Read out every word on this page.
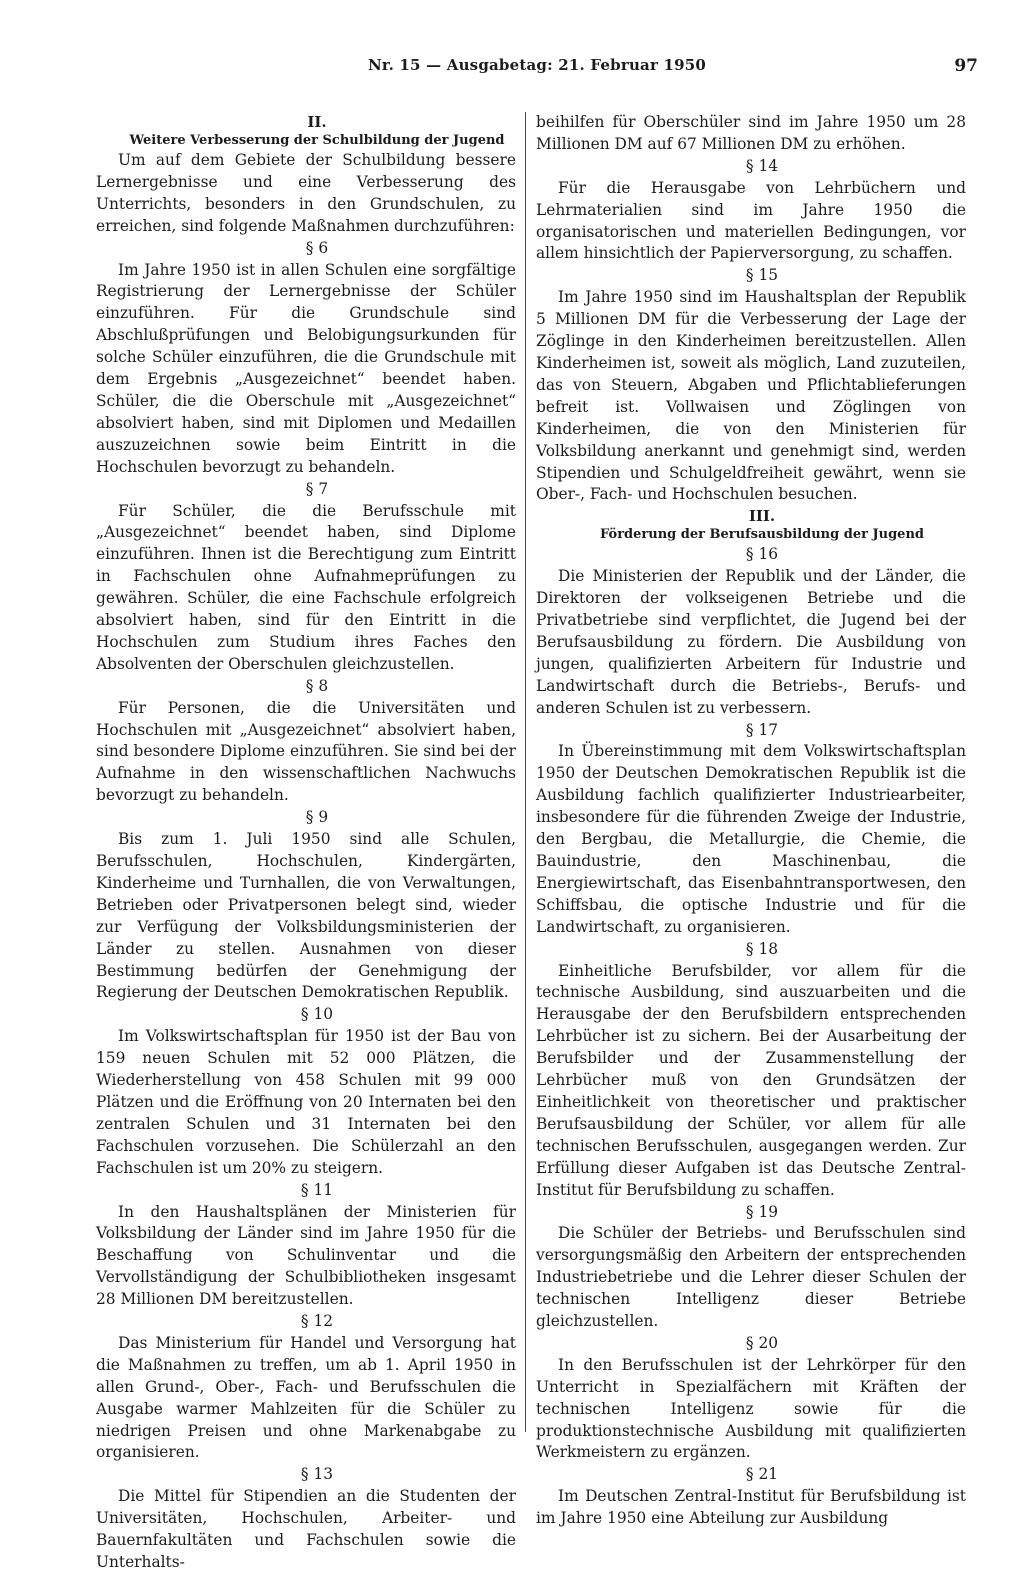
Nr. 15 — Ausgabetag: 21. Februar 1950	97

II.

Weitere Verbesserung der Schulbildung der Jugend

Um auf dem Gebiete der Schulbildung bessere Lernergebnisse und eine Verbesserung des Unterrichts, besonders in den Grundschulen, zu erreichen, sind folgende Maßnahmen durchzuführen:

§ 6

Im Jahre 1950 ist in allen Schulen eine sorgfältige Registrierung der Lernergebnisse der Schüler einzuführen. Für die Grundschule sind Abschlußprüfungen und Belobigungsurkunden für solche Schüler einzuführen, die die Grundschule mit dem Ergebnis „Ausgezeichnet“ beendet haben. Schüler, die die Oberschule mit „Ausgezeichnet“ absolviert haben, sind mit Diplomen und Medaillen auszuzeichnen sowie beim Eintritt in die Hochschulen bevorzugt zu behandeln.

§ 7

Für Schüler, die die Berufsschule mit „Ausgezeichnet“ beendet haben, sind Diplome einzuführen. Ihnen ist die Berechtigung zum Eintritt in Fachschulen ohne Aufnahmeprüfungen zu gewähren. Schüler, die eine Fachschule erfolgreich absolviert haben, sind für den Eintritt in die Hochschulen zum Studium ihres Faches den Absolventen der Oberschulen gleichzustellen.

§ 8

Für Personen, die die Universitäten und Hochschulen mit „Ausgezeichnet“ absolviert haben, sind besondere Diplome einzuführen. Sie sind bei der Aufnahme in den wissenschaftlichen Nachwuchs bevorzugt zu behandeln.

§ 9

Bis zum 1. Juli 1950 sind alle Schulen, Berufsschulen, Hochschulen, Kindergärten, Kinderheime und Turnhallen, die von Verwaltungen, Betrieben oder Privatpersonen belegt sind, wieder zur Verfügung der Volksbildungsministerien der Länder zu stellen. Ausnahmen von dieser Bestimmung bedürfen der Genehmigung der Regierung der Deutschen Demokratischen Republik.

§ 10

Im Volkswirtschaftsplan für 1950 ist der Bau von 159 neuen Schulen mit 52 000 Plätzen, die Wiederherstellung von 458 Schulen mit 99 000 Plätzen und die Eröffnung von 20 Internaten bei den zentralen Schulen und 31 Internaten bei den Fachschulen vorzusehen. Die Schülerzahl an den Fachschulen ist um 20% zu steigern.

§ 11

In den Haushaltsplänen der Ministerien für Volksbildung der Länder sind im Jahre 1950 für die Beschaffung von Schulinventar und die Vervollständigung der Schulbibliotheken insgesamt 28 Millionen DM bereitzustellen.

§ 12

Das Ministerium für Handel und Versorgung hat die Maßnahmen zu treffen, um ab 1. April 1950 in allen Grund-, Ober-, Fach- und Berufsschulen die Ausgabe warmer Mahlzeiten für die Schüler zu niedrigen Preisen und ohne Markenabgabe zu organisieren.

§ 13

Die Mittel für Stipendien an die Studenten der Universitäten, Hochschulen, Arbeiter- und Bauernfakultäten und Fachschulen sowie die Unterhalts-

beihilfen für Oberschüler sind im Jahre 1950 um 28 Millionen DM auf 67 Millionen DM zu erhöhen.

§ 14

Für die Herausgabe von Lehrbüchern und Lehrmaterialien sind im Jahre 1950 die organisatorischen und materiellen Bedingungen, vor allem hinsichtlich der Papierversorgung, zu schaffen.

§ 15

Im Jahre 1950 sind im Haushaltsplan der Republik 5 Millionen DM für die Verbesserung der Lage der Zöglinge in den Kinderheimen bereitzustellen. Allen Kinderheimen ist, soweit als möglich, Land zuzuteilen, das von Steuern, Abgaben und Pflichtablieferungen befreit ist. Vollwaisen und Zöglingen von Kinderheimen, die von den Ministerien für Volksbildung anerkannt und genehmigt sind, werden Stipendien und Schulgeldfreiheit gewährt, wenn sie Ober-, Fach- und Hochschulen besuchen.

III.

Förderung der Berufsausbildung der Jugend

§ 16

Die Ministerien der Republik und der Länder, die Direktoren der volkseigenen Betriebe und die Privatbetriebe sind verpflichtet, die Jugend bei der Berufsausbildung zu fördern. Die Ausbildung von jungen, qualifizierten Arbeitern für Industrie und Landwirtschaft durch die Betriebs-, Berufs- und anderen Schulen ist zu verbessern.

§ 17

In Übereinstimmung mit dem Volkswirtschaftsplan 1950 der Deutschen Demokratischen Republik ist die Ausbildung fachlich qualifizierter Industriearbeiter, insbesondere für die führenden Zweige der Industrie, den Bergbau, die Metallurgie, die Chemie, die Bauindustrie, den Maschinenbau, die Energiewirtschaft, das Eisenbahntransportwesen, den Schiffsbau, die optische Industrie und für die Landwirtschaft, zu organisieren.

§ 18

Einheitliche Berufsbilder, vor allem für die technische Ausbildung, sind auszuarbeiten und die Herausgabe der den Berufsbildern entsprechenden Lehrbücher ist zu sichern. Bei der Ausarbeitung der Berufsbilder und der Zusammenstellung der Lehrbücher muß von den Grundsätzen der Einheitlichkeit von theoretischer und praktischer Berufsausbildung der Schüler, vor allem für alle technischen Berufsschulen, ausgegangen werden. Zur Erfüllung dieser Aufgaben ist das Deutsche Zentral-Institut für Berufsbildung zu schaffen.

§ 19

Die Schüler der Betriebs- und Berufsschulen sind versorgungsmäßig den Arbeitern der entsprechenden Industriebetriebe und die Lehrer dieser Schulen der technischen Intelligenz dieser Betriebe gleichzustellen.

§ 20

In den Berufsschulen ist der Lehrkörper für den Unterricht in Spezialfächern mit Kräften der technischen Intelligenz sowie für die produktionstechnische Ausbildung mit qualifizierten Werkmeistern zu ergänzen.

§ 21

Im Deutschen Zentral-Institut für Berufsbildung ist im Jahre 1950 eine Abteilung zur Ausbildung
